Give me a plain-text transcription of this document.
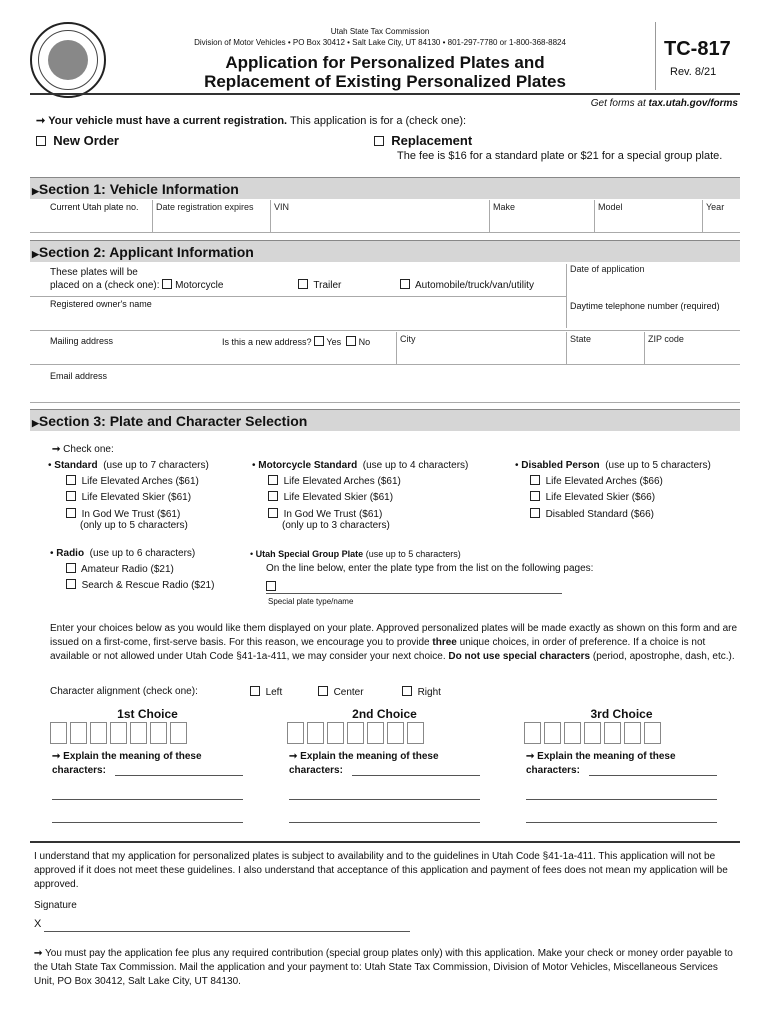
Utah State Tax Commission
Division of Motor Vehicles • PO Box 30412 • Salt Lake City, UT 84130 • 801-297-7780 or 1-800-368-8824
Application for Personalized Plates and
Replacement of Existing Personalized Plates
TC-817
Rev. 8/21
Get forms at tax.utah.gov/forms
➞ Your vehicle must have a current registration. This application is for a (check one):
New Order	Replacement
The fee is $16 for a standard plate or $21 for a special group plate.
▶Section 1: Vehicle Information
Current Utah plate no.	Date registration expires	VIN	Make	Model	Year
▶Section 2: Applicant Information
These plates will be
placed on a (check one): Motorcycle	Trailer	Automobile/truck/van/utility
Date of application
Registered owner's name	Daytime telephone number (required)
Mailing address	Is this a new address? Yes No	City	State	ZIP code
Email address
▶Section 3: Plate and Character Selection
➞ Check one:
• Standard (use up to 7 characters)
Life Elevated Arches ($61)
Life Elevated Skier ($61)
In God We Trust ($61)
(only up to 5 characters)
• Motorcycle Standard (use up to 4 characters)
Life Elevated Arches ($61)
Life Elevated Skier ($61)
In God We Trust ($61)
(only up to 3 characters)
• Disabled Person (use up to 5 characters)
Life Elevated Arches ($66)
Life Elevated Skier ($66)
Disabled Standard ($66)
• Radio (use up to 6 characters)
Amateur Radio ($21)
Search & Rescue Radio ($21)
• Utah Special Group Plate (use up to 5 characters)
On the line below, enter the plate type from the list on the following pages:
Special plate type/name
Enter your choices below as you would like them displayed on your plate. Approved personalized plates will be made exactly as shown on this form and are issued on a first-come, first-serve basis. For this reason, we encourage you to provide three unique choices, in order of preference. If a choice is not available or not allowed under Utah Code §41-1a-411, we may consider your next choice. Do not use special characters (period, apostrophe, dash, etc.).
Character alignment (check one):	Left	Center	Right
1st Choice	2nd Choice	3rd Choice
➞ Explain the meaning of these
characters:
➞ Explain the meaning of these
characters:
➞ Explain the meaning of these
characters:
I understand that my application for personalized plates is subject to availability and to the guidelines in Utah Code §41-1a-411. This application will not be approved if it does not meet these guidelines. I also understand that acceptance of this application and payment of fees does not mean my application will be approved.
Signature
X
➞ You must pay the application fee plus any required contribution (special group plates only) with this application. Make your check or money order payable to the Utah State Tax Commission. Mail the application and your payment to: Utah State Tax Commission, Division of Motor Vehicles, Miscellaneous Services Unit, PO Box 30412, Salt Lake City, UT 84130.
